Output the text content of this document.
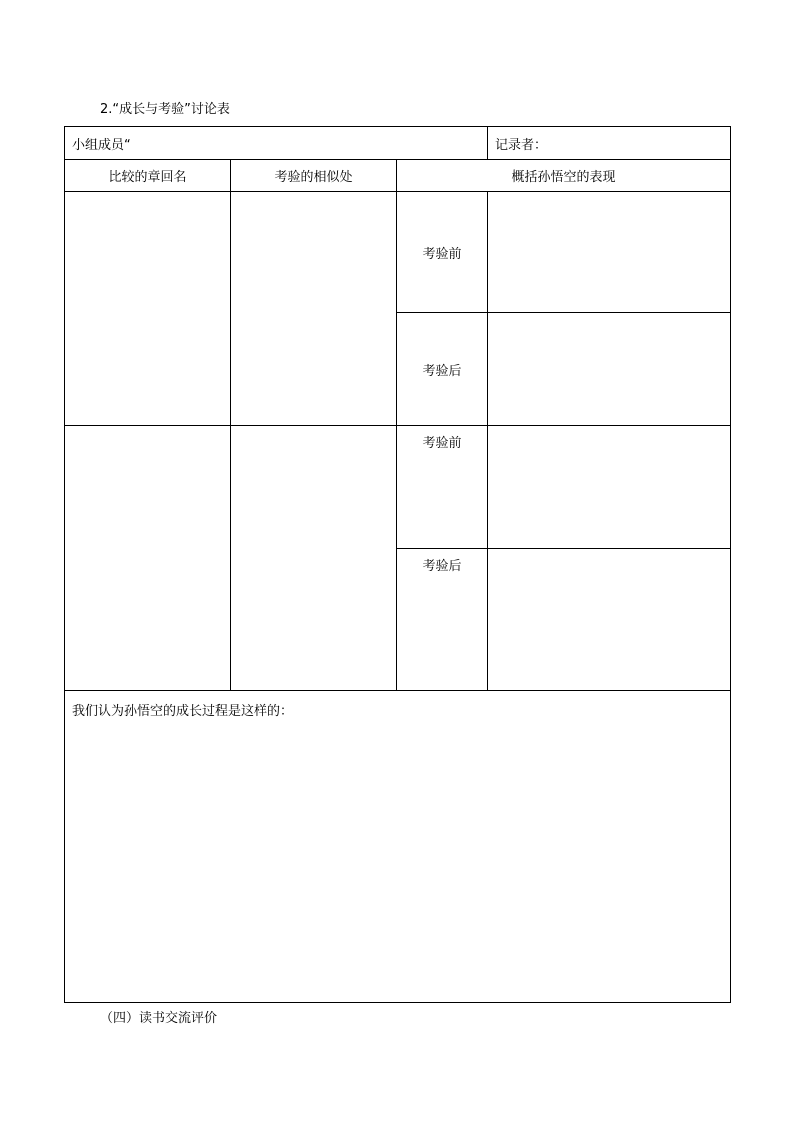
2.“成长与考验”讨论表
小组成员“			记录者：
比较的章回名	考验的相似处	概括孙悟空的表现	
		考验前	
		考验后	
		考验前	
		考验后	
我们认为孙悟空的成长过程是这样的：			
（四）读书交流评价
